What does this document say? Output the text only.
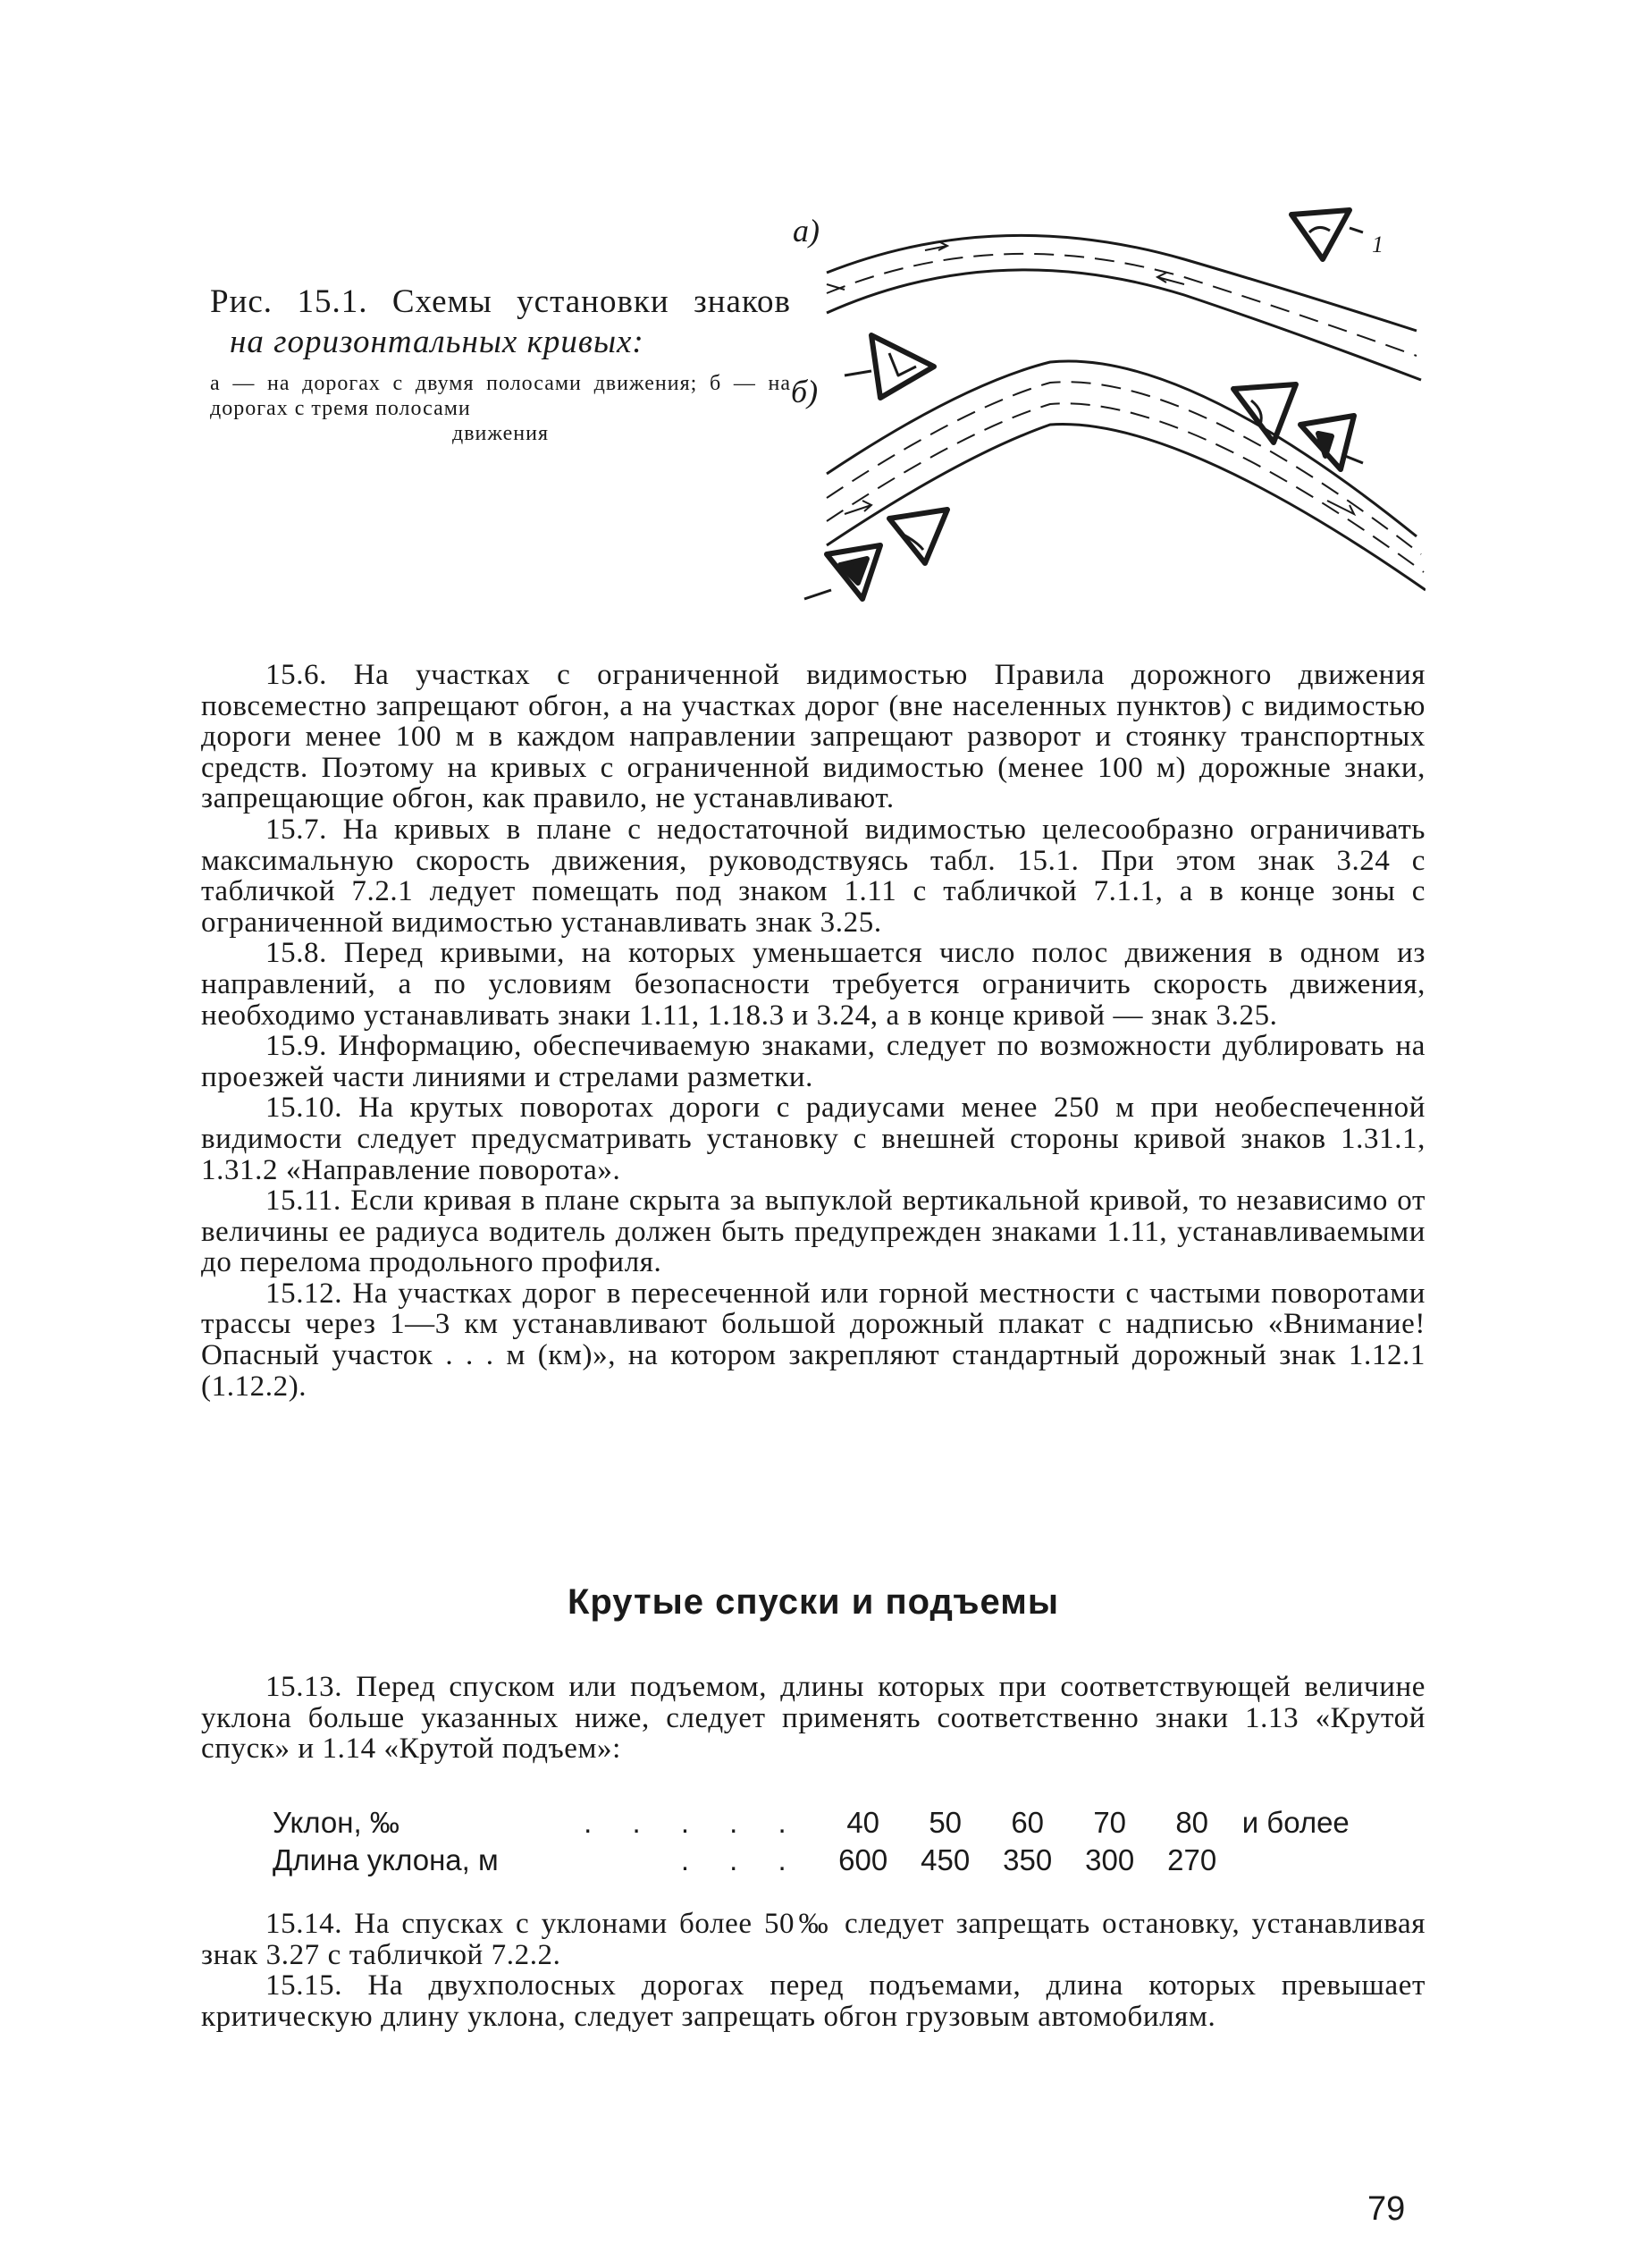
Рис. 15.1. Схемы установки знаков

на горизонтальных кривых:

а — на дорогах с двумя полосами движения; б — на дорогах с тремя полосами

движения

а)
б)
1

15.6. На участках с ограниченной видимостью Правила дорожного движения повсеместно запрещают обгон, а на участках дорог (вне населенных пунктов) с видимостью дороги менее 100 м в каждом направлении запрещают разворот и стоянку транспортных средств. Поэтому на кривых с ограниченной видимостью (менее 100 м) дорожные знаки, запрещающие обгон, как правило, не устанавливают.

15.7. На кривых в плане с недостаточной видимостью целесообразно ограничивать максимальную скорость движения, руководствуясь табл. 15.1. При этом знак 3.24 с табличкой 7.2.1 ледует помещать под знаком 1.11 с табличкой 7.1.1, а в конце зоны с ограниченной видимостью устанавливать знак 3.25.

15.8. Перед кривыми, на которых уменьшается число полос движения в одном из направлений, а по условиям безопасности требуется ограничить скорость движения, необходимо устанавливать знаки 1.11, 1.18.3 и 3.24, а в конце кривой — знак 3.25.

15.9. Информацию, обеспечиваемую знаками, следует по возможности дублировать на проезжей части линиями и стрелами разметки.

15.10. На крутых поворотах дороги с радиусами менее 250 м при необеспеченной видимости следует предусматривать установку с внешней стороны кривой знаков 1.31.1, 1.31.2 «Направление поворота».

15.11. Если кривая в плане скрыта за выпуклой вертикальной кривой, то независимо от величины ее радиуса водитель должен быть предупрежден знаками 1.11, устанавливаемыми до перелома продольного профиля.

15.12. На участках дорог в пересеченной или горной местности с частыми поворотами трассы через 1—3 км устанавливают большой дорожный плакат с надписью «Внимание! Опасный участок . . . м (км)», на котором закрепляют стандартный дорожный знак 1.12.1 (1.12.2).

Крутые спуски и подъемы

15.13. Перед спуском или подъемом, длины которых при соответствующей величине уклона больше указанных ниже, следует применять соответственно знаки 1.13 «Крутой спуск» и 1.14 «Крутой подъем»:

Уклон, ‰	. . . . .	40	50	60	70	80	и более
Длина уклона, м	. . .	600	450	350	300	270	

15.14. На спусках с уклонами более 50‰ следует запрещать остановку, устанавливая знак 3.27 с табличкой 7.2.2.

15.15. На двухполосных дорогах перед подъемами, длина которых превышает критическую длину уклона, следует запрещать обгон грузовым автомобилям.

79
